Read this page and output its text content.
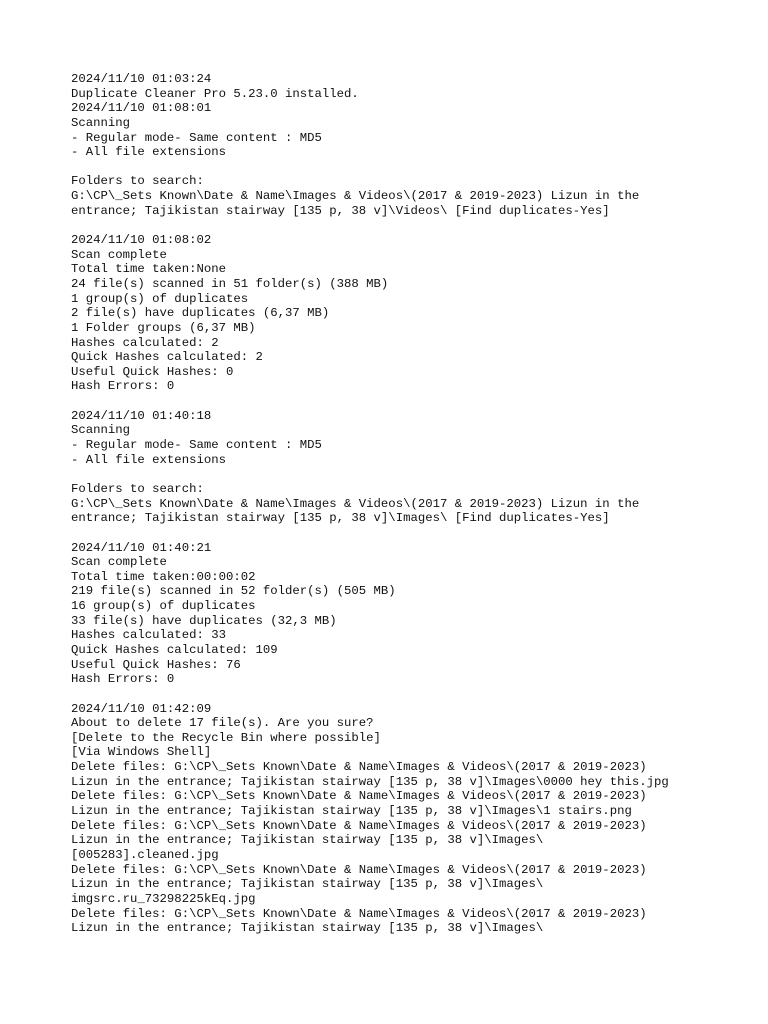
2024/11/10 01:03:24
Duplicate Cleaner Pro 5.23.0 installed.
2024/11/10 01:08:01
Scanning
- Regular mode- Same content : MD5
- All file extensions
Folders to search:
G:\CP\_Sets Known\Date & Name\Images & Videos\(2017 & 2019-2023) Lizun in the
entrance; Tajikistan stairway [135 p, 38 v]\Videos\ [Find duplicates-Yes]
2024/11/10 01:08:02
Scan complete
Total time taken:None
24 file(s) scanned in 51 folder(s) (388 MB)
1 group(s) of duplicates
2 file(s) have duplicates (6,37 MB)
1 Folder groups (6,37 MB)
Hashes calculated: 2
Quick Hashes calculated: 2
Useful Quick Hashes: 0
Hash Errors: 0
2024/11/10 01:40:18
Scanning
- Regular mode- Same content : MD5
- All file extensions
Folders to search:
G:\CP\_Sets Known\Date & Name\Images & Videos\(2017 & 2019-2023) Lizun in the
entrance; Tajikistan stairway [135 p, 38 v]\Images\ [Find duplicates-Yes]
2024/11/10 01:40:21
Scan complete
Total time taken:00:00:02
219 file(s) scanned in 52 folder(s) (505 MB)
16 group(s) of duplicates
33 file(s) have duplicates (32,3 MB)
Hashes calculated: 33
Quick Hashes calculated: 109
Useful Quick Hashes: 76
Hash Errors: 0
2024/11/10 01:42:09
About to delete 17 file(s). Are you sure?
[Delete to the Recycle Bin where possible]
[Via Windows Shell]
Delete files: G:\CP\_Sets Known\Date & Name\Images & Videos\(2017 & 2019-2023)
Lizun in the entrance; Tajikistan stairway [135 p, 38 v]\Images\0000 hey this.jpg
Delete files: G:\CP\_Sets Known\Date & Name\Images & Videos\(2017 & 2019-2023)
Lizun in the entrance; Tajikistan stairway [135 p, 38 v]\Images\1 stairs.png
Delete files: G:\CP\_Sets Known\Date & Name\Images & Videos\(2017 & 2019-2023)
Lizun in the entrance; Tajikistan stairway [135 p, 38 v]\Images\
[005283].cleaned.jpg
Delete files: G:\CP\_Sets Known\Date & Name\Images & Videos\(2017 & 2019-2023)
Lizun in the entrance; Tajikistan stairway [135 p, 38 v]\Images\
imgsrc.ru_73298225kEq.jpg
Delete files: G:\CP\_Sets Known\Date & Name\Images & Videos\(2017 & 2019-2023)
Lizun in the entrance; Tajikistan stairway [135 p, 38 v]\Images\
